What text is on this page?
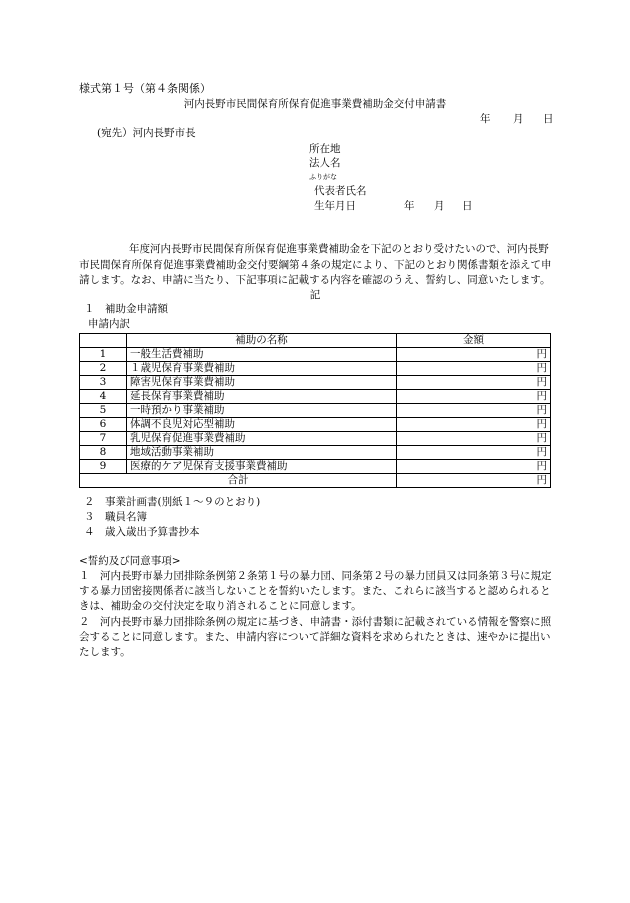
様式第１号（第４条関係）
河内長野市民間保育所保育促進事業費補助金交付申請書
年 月 日
(宛先）河内長野市長
所在地
法人名
ふりがな
代表者氏名
生年月日	年 月 日
年度河内長野市民間保育所保育促進事業費補助金を下記のとおり受けたいので、河内長野市民間保育所保育促進事業費補助金交付要綱第４条の規定により、下記のとおり関係書類を添えて申請します。なお、申請に当たり、下記事項に記載する内容を確認のうえ、誓約し、同意いたします。
記
１　補助金申請額
申請内訳
	補助の名称	金額
1	一般生活費補助	円
2	１歳児保育事業費補助	円
3	障害児保育事業費補助	円
4	延長保育事業費補助	円
5	一時預かり事業補助	円
6	体調不良児対応型補助	円
7	乳児保育促進事業費補助	円
8	地域活動事業補助	円
9	医療的ケア児保育支援事業費補助	円
合計		円
２　事業計画書(別紙１～９のとおり)
３　職員名簿
４　歳入歳出予算書抄本
<誓約及び同意事項>
１　河内長野市暴力団排除条例第２条第１号の暴力団、同条第２号の暴力団員又は同条第３号に規定する暴力団密接関係者に該当しないことを誓約いたします。また、これらに該当すると認められるときは、補助金の交付決定を取り消されることに同意します。
２　河内長野市暴力団排除条例の規定に基づき、申請書・添付書類に記載されている情報を警察に照会することに同意します。また、申請内容について詳細な資料を求められたときは、速やかに提出いたします。
